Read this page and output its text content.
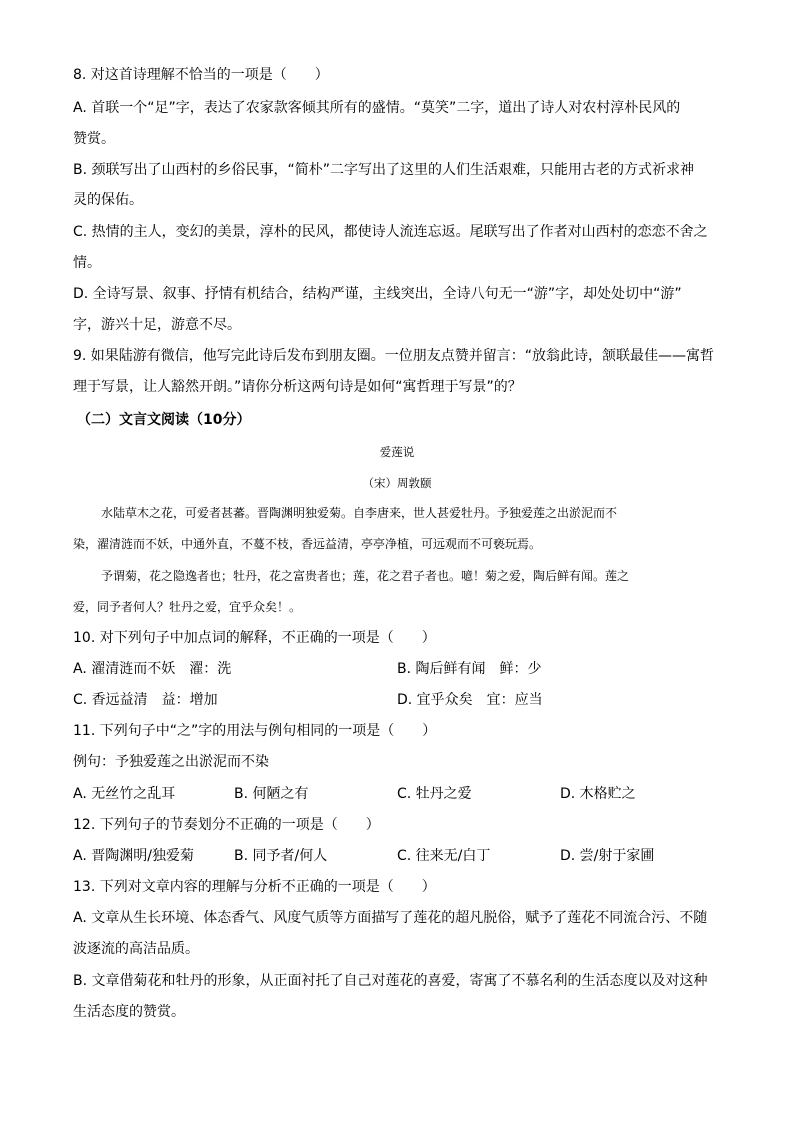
8. 对这首诗理解不恰当的一项是（　　）
A. 首联一个“足”字，表达了农家款客倾其所有的盛情。“莫笑”二字，道出了诗人对农村淳朴民风的
赞赏。
B. 颈联写出了山西村的乡俗民事，“简朴”二字写出了这里的人们生活艰难，只能用古老的方式祈求神
灵的保佑。
C. 热情的主人，变幻的美景，淳朴的民风，都使诗人流连忘返。尾联写出了作者对山西村的恋恋不舍之
情。
D. 全诗写景、叙事、抒情有机结合，结构严谨，主线突出，全诗八句无一“游”字，却处处切中“游”
字，游兴十足，游意不尽。
9. 如果陆游有微信，他写完此诗后发布到朋友圈。一位朋友点赞并留言：“放翁此诗，颔联最佳——寓哲
理于写景，让人豁然开朗。”请你分析这两句诗是如何“寓哲理于写景”的？
（二）文言文阅读（10分）
爱莲说
（宋）周敦颐
水陆草木之花，可爱者甚蕃。晋陶渊明独爱菊。自李唐来，世人甚爱牡丹。予独爱莲之出淤泥而不
染，濯清涟而不妖，中通外直，不蔓不枝，香远益清，亭亭净植，可远观而不可亵玩焉。
予谓菊，花之隐逸者也；牡丹，花之富贵者也；莲，花之君子者也。噫！菊之爱，陶后鲜有闻。莲之
爱，同予者何人？牡丹之爱，宜乎众矣！。
10. 对下列句子中加点词的解释，不正确的一项是（　　）
A. 濯清涟而不妖　濯：洗	B. 陶后鲜有闻　鲜：少
C. 香远益清　益：增加	D. 宜乎众矣　宜：应当
11. 下列句子中“之”字的用法与例句相同的一项是（　　）
例句：予独爱莲之出淤泥而不染
A. 无丝竹之乱耳	B. 何陋之有	C. 牡丹之爱	D. 木格贮之
12. 下列句子的节奏划分不正确的一项是（　　）
A. 晋陶渊明/独爱菊	B. 同予者/何人	C. 往来无/白丁	D. 尝/射于家圃
13. 下列对文章内容的理解与分析不正确的一项是（　　）
A. 文章从生长环境、体态香气、风度气质等方面描写了莲花的超凡脱俗，赋予了莲花不同流合污、不随
波逐流的高洁品质。
B. 文章借菊花和牡丹的形象，从正面衬托了自己对莲花的喜爱，寄寓了不慕名利的生活态度以及对这种
生活态度的赞赏。
